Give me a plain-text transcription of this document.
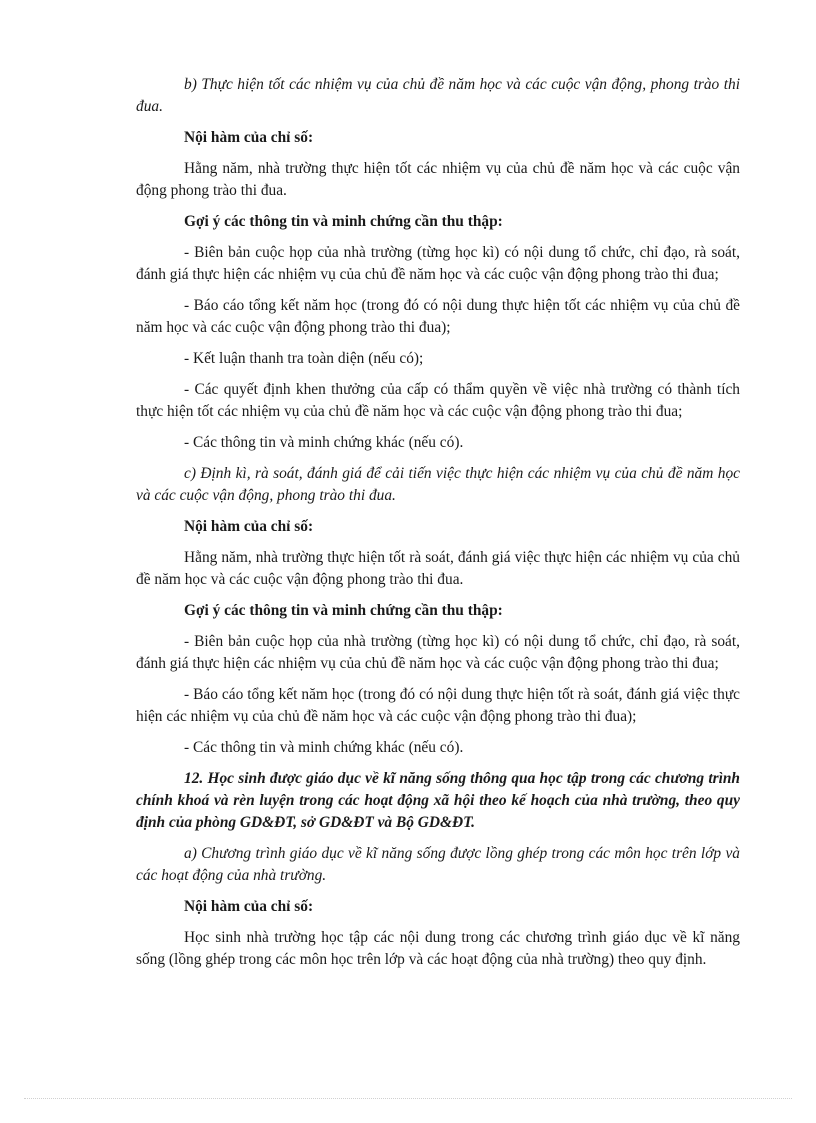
b) Thực hiện tốt các nhiệm vụ của chủ đề năm học và các cuộc vận động, phong trào thi đua.

Nội hàm của chỉ số:

Hằng năm, nhà trường thực hiện tốt các nhiệm vụ của chủ đề năm học và các cuộc vận động phong trào thi đua.

Gợi ý các thông tin và minh chứng cần thu thập:

- Biên bản cuộc họp của nhà trường (từng học kì) có nội dung tổ chức, chỉ đạo, rà soát, đánh giá thực hiện các nhiệm vụ của chủ đề năm học và các cuộc vận động phong trào thi đua;

- Báo cáo tổng kết năm học (trong đó có nội dung thực hiện tốt các nhiệm vụ của chủ đề năm học và các cuộc vận động phong trào thi đua);

- Kết luận thanh tra toàn diện (nếu có);

- Các quyết định khen thưởng của cấp có thẩm quyền về việc nhà trường có thành tích thực hiện tốt các nhiệm vụ của chủ đề năm học và các cuộc vận động phong trào thi đua;

- Các thông tin và minh chứng khác (nếu có).

c) Định kì, rà soát, đánh giá để cải tiến việc thực hiện các nhiệm vụ của chủ đề năm học và các cuộc vận động, phong trào thi đua.

Nội hàm của chỉ số:

Hằng năm, nhà trường thực hiện tốt rà soát, đánh giá việc thực hiện các nhiệm vụ của chủ đề năm học và các cuộc vận động phong trào thi đua.

Gợi ý các thông tin và minh chứng cần thu thập:

- Biên bản cuộc họp của nhà trường (từng học kì) có nội dung tổ chức, chỉ đạo, rà soát, đánh giá thực hiện các nhiệm vụ của chủ đề năm học và các cuộc vận động phong trào thi đua;

- Báo cáo tổng kết năm học (trong đó có nội dung thực hiện tốt rà soát, đánh giá việc thực hiện các nhiệm vụ của chủ đề năm học và các cuộc vận động phong trào thi đua);

- Các thông tin và minh chứng khác (nếu có).

12. Học sinh được giáo dục về kĩ năng sống thông qua học tập trong các chương trình chính khoá và rèn luyện trong các hoạt động xã hội theo kế hoạch của nhà trường, theo quy định của phòng GD&ĐT, sở GD&ĐT và Bộ GD&ĐT.

a) Chương trình giáo dục về kĩ năng sống được lồng ghép trong các môn học trên lớp và các hoạt động của nhà trường.

Nội hàm của chỉ số:

Học sinh nhà trường học tập các nội dung trong các chương trình giáo dục về kĩ năng sống (lồng ghép trong các môn học trên lớp và các hoạt động của nhà trường) theo quy định.
